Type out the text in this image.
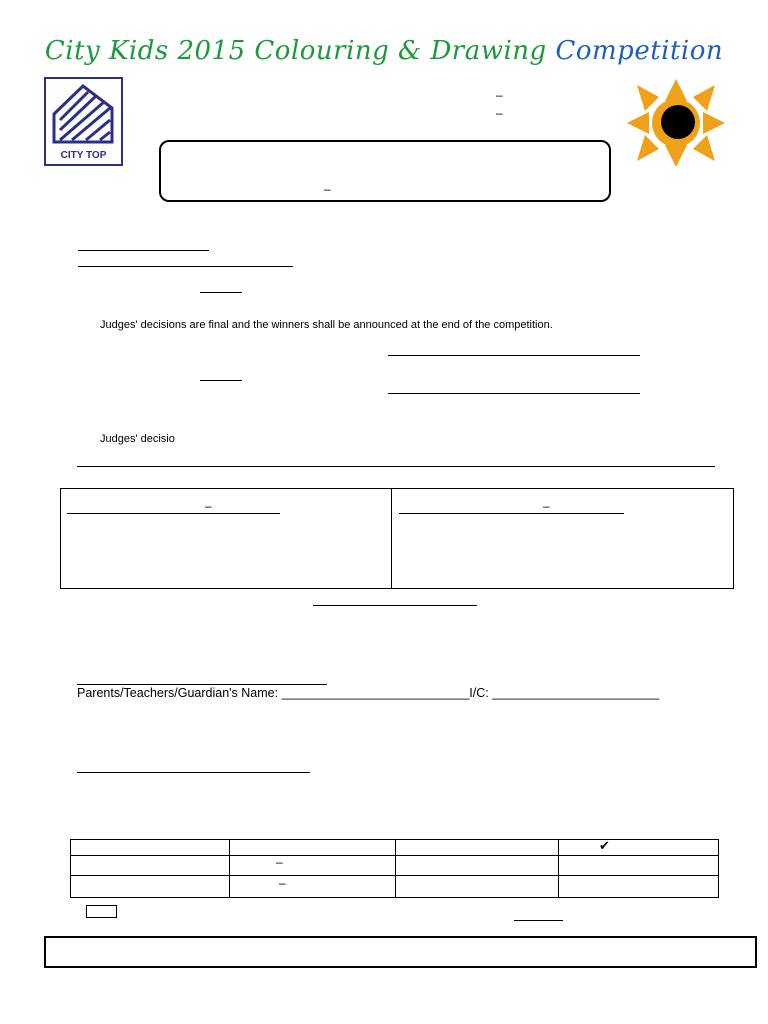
City Kids 2015 Colouring & Drawing Competition
CITY TOP
–
–
–
Judges' decisions are final and the winners shall be announced at the end of the competition.
Judges' decisio
–	–
Parents/Teachers/Guardian's Name: ___________________________I/C: ________________________
✔
–
–
